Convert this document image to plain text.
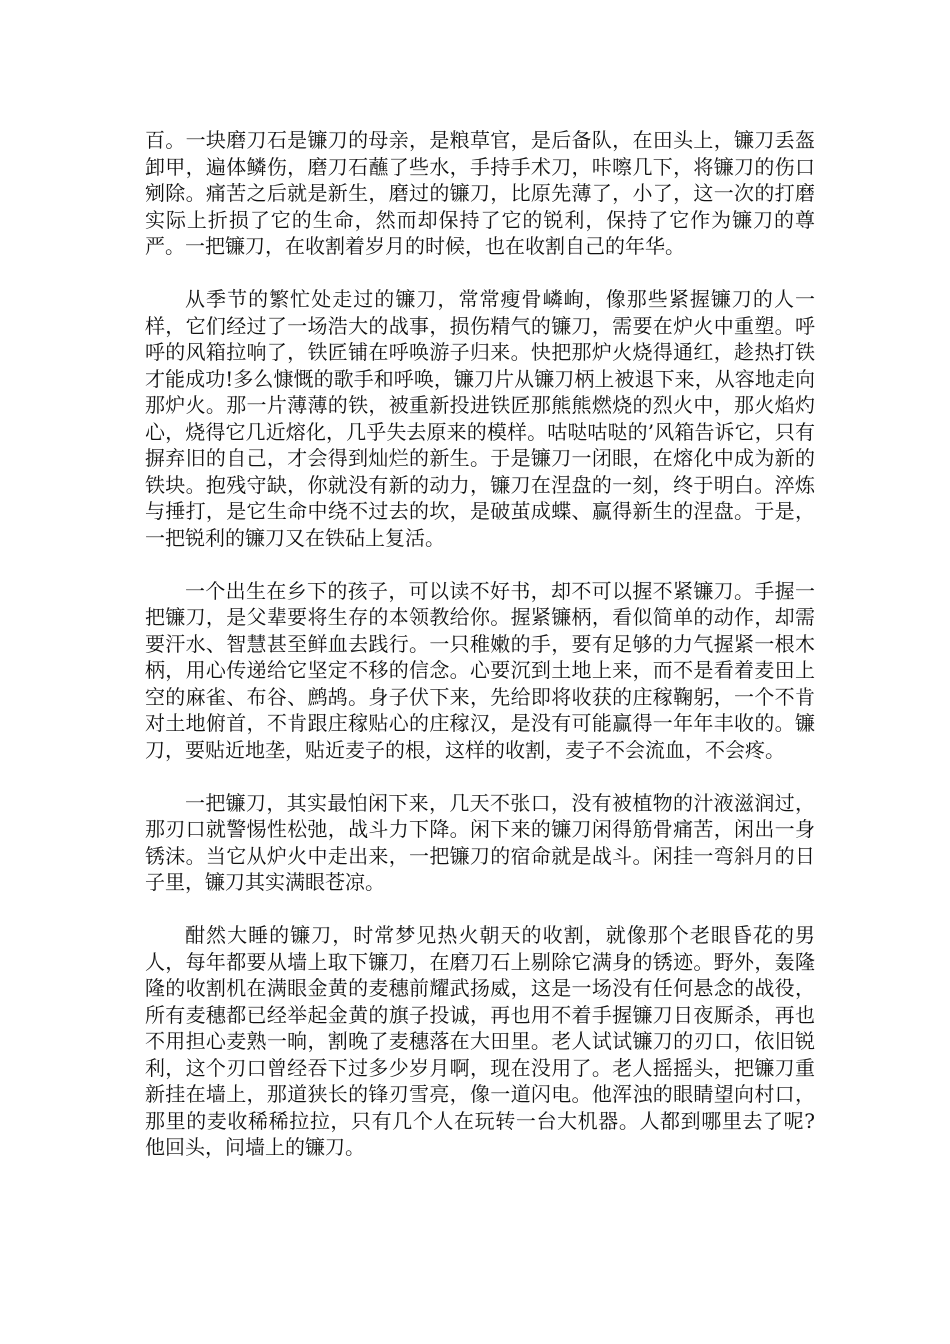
百。一块磨刀石是镰刀的母亲，是粮草官，是后备队，在田头上，镰刀丢盔卸甲，遍体鳞伤，磨刀石蘸了些水，手持手术刀，咔嚓几下，将镰刀的伤口剜除。痛苦之后就是新生，磨过的镰刀，比原先薄了，小了，这一次的打磨实际上折损了它的生命，然而却保持了它的锐利，保持了它作为镰刀的尊严。一把镰刀，在收割着岁月的时候，也在收割自己的年华。

从季节的繁忙处走过的镰刀，常常瘦骨嶙峋，像那些紧握镰刀的人一样，它们经过了一场浩大的战事，损伤精气的镰刀，需要在炉火中重塑。呼呼的风箱拉响了，铁匠铺在呼唤游子归来。快把那炉火烧得通红，趁热打铁才能成功!多么慷慨的歌手和呼唤，镰刀片从镰刀柄上被退下来，从容地走向那炉火。那一片薄薄的铁，被重新投进铁匠那熊熊燃烧的烈火中，那火焰灼心，烧得它几近熔化，几乎失去原来的模样。咕哒咕哒的’风箱告诉它，只有摒弃旧的自己，才会得到灿烂的新生。于是镰刀一闭眼，在熔化中成为新的铁块。抱残守缺，你就没有新的动力，镰刀在涅盘的一刻，终于明白。淬炼与捶打，是它生命中绕不过去的坎，是破茧成蝶、赢得新生的涅盘。于是，一把锐利的镰刀又在铁砧上复活。

一个出生在乡下的孩子，可以读不好书，却不可以握不紧镰刀。手握一把镰刀，是父辈要将生存的本领教给你。握紧镰柄，看似简单的动作，却需要汗水、智慧甚至鲜血去践行。一只稚嫩的手，要有足够的力气握紧一根木柄，用心传递给它坚定不移的信念。心要沉到土地上来，而不是看着麦田上空的麻雀、布谷、鹧鸪。身子伏下来，先给即将收获的庄稼鞠躬，一个不肯对土地俯首，不肯跟庄稼贴心的庄稼汉，是没有可能赢得一年年丰收的。镰刀，要贴近地垄，贴近麦子的根，这样的收割，麦子不会流血，不会疼。

一把镰刀，其实最怕闲下来，几天不张口，没有被植物的汁液滋润过，那刃口就警惕性松弛，战斗力下降。闲下来的镰刀闲得筋骨痛苦，闲出一身锈沫。当它从炉火中走出来，一把镰刀的宿命就是战斗。闲挂一弯斜月的日子里，镰刀其实满眼苍凉。

酣然大睡的镰刀，时常梦见热火朝天的收割，就像那个老眼昏花的男人，每年都要从墙上取下镰刀，在磨刀石上剔除它满身的锈迹。野外，轰隆隆的收割机在满眼金黄的麦穗前耀武扬威，这是一场没有任何悬念的战役，所有麦穗都已经举起金黄的旗子投诚，再也用不着手握镰刀日夜厮杀，再也不用担心麦熟一晌，割晚了麦穗落在大田里。老人试试镰刀的刃口，依旧锐利，这个刃口曾经吞下过多少岁月啊，现在没用了。老人摇摇头，把镰刀重新挂在墙上，那道狭长的锋刃雪亮，像一道闪电。他浑浊的眼睛望向村口，那里的麦收稀稀拉拉，只有几个人在玩转一台大机器。人都到哪里去了呢?他回头，问墙上的镰刀。
